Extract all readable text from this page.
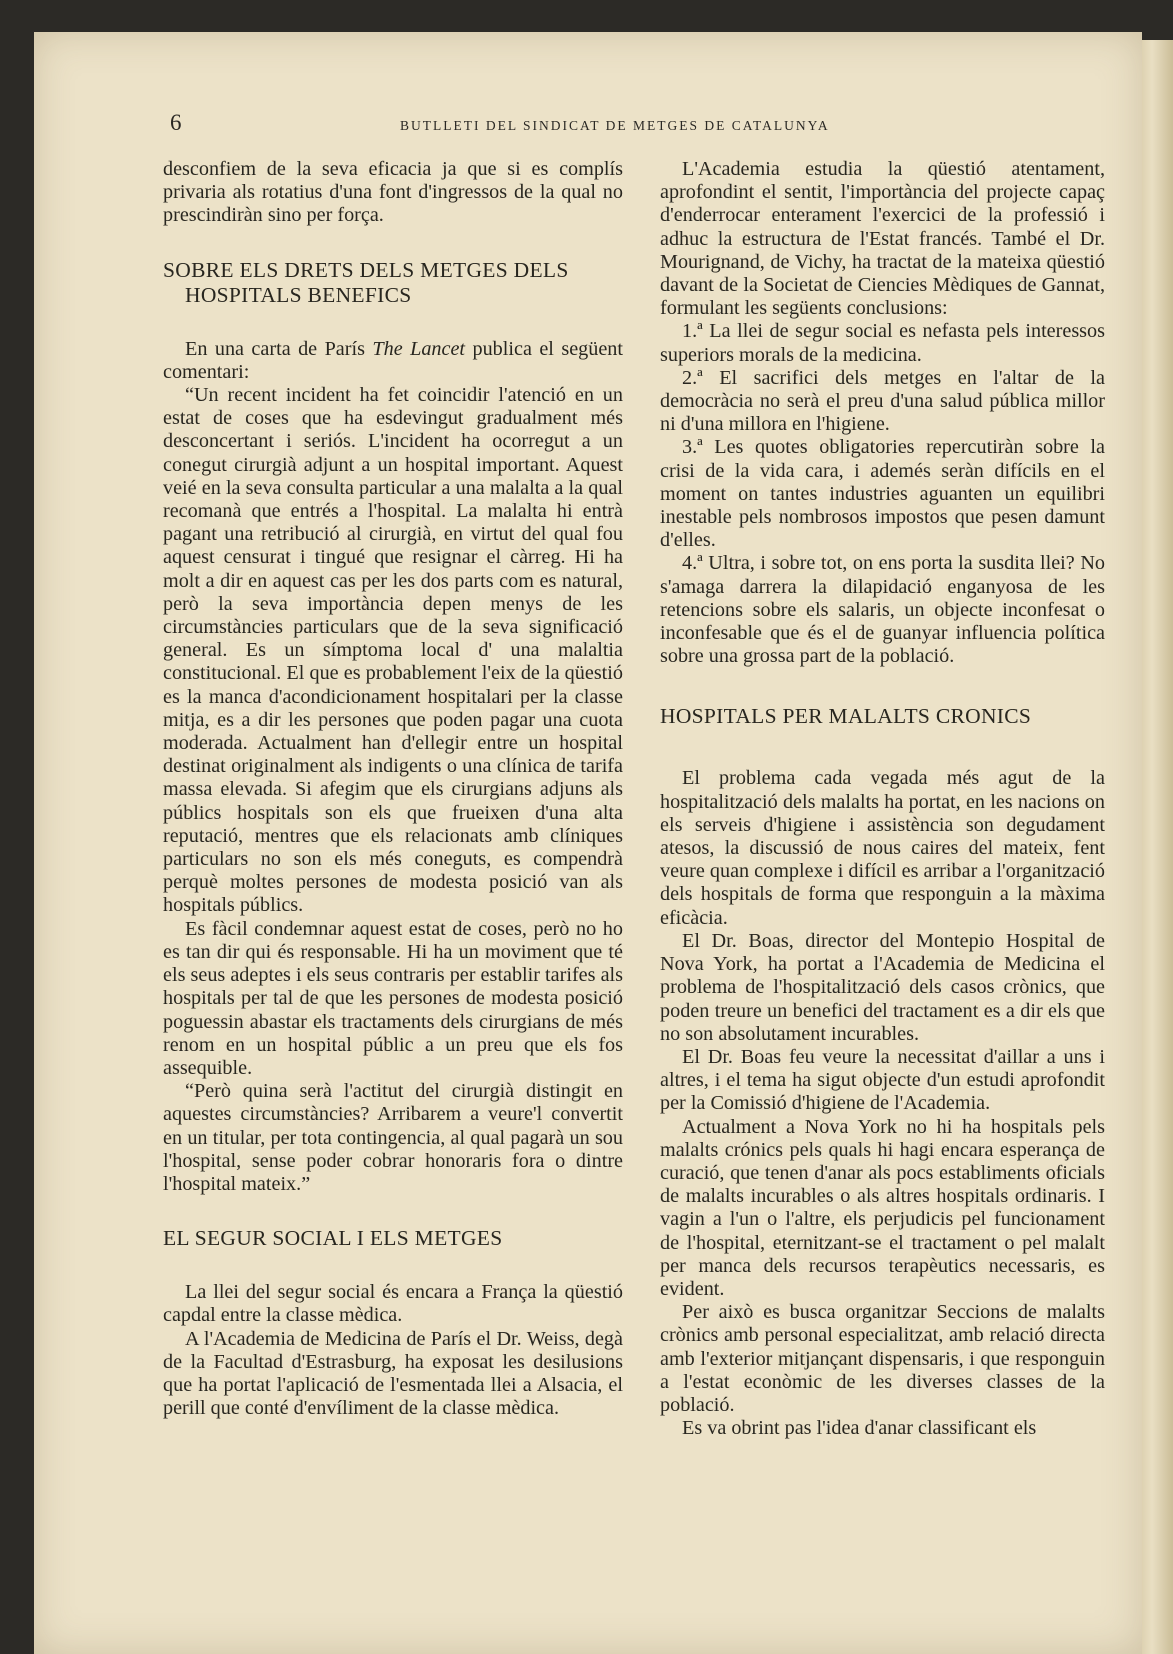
6	BUTLLETI DEL SINDICAT DE METGES DE CATALUNYA

desconfiem de la seva eficacia ja que si es complís privaria als rotatius d'una font d'ingressos de la qual no prescindiràn sino per força.

SOBRE ELS DRETS DELS METGES DELS
HOSPITALS BENEFICS

En una carta de París The Lancet publica el següent comentari:

“Un recent incident ha fet coincidir l'atenció en un estat de coses que ha esdevingut gradualment més desconcertant i seriós. L'incident ha ocorregut a un conegut cirurgià adjunt a un hospital important. Aquest veié en la seva consulta particular a una malalta a la qual recomanà que entrés a l'hospital. La malalta hi entrà pagant una retribució al cirurgià, en virtut del qual fou aquest censurat i tingué que resignar el càrreg. Hi ha molt a dir en aquest cas per les dos parts com es natural, però la seva importància depen menys de les circumstàncies particulars que de la seva significació general. Es un símptoma local d' una malaltia constitucional. El que es probablement l'eix de la qüestió es la manca d'acondicionament hospitalari per la classe mitja, es a dir les persones que poden pagar una cuota moderada. Actualment han d'ellegir entre un hospital destinat originalment als indigents o una clínica de tarifa massa elevada. Si afegim que els cirurgians adjuns als públics hospitals son els que frueixen d'una alta reputació, mentres que els relacionats amb clíniques particulars no son els més coneguts, es compendrà perquè moltes persones de modesta posició van als hospitals públics.

Es fàcil condemnar aquest estat de coses, però no ho es tan dir qui és responsable. Hi ha un moviment que té els seus adeptes i els seus contraris per establir tarifes als hospitals per tal de que les persones de modesta posició poguessin abastar els tractaments dels cirurgians de més renom en un hospital públic a un preu que els fos assequible.

“Però quina serà l'actitut del cirurgià distingit en aquestes circumstàncies? Arribarem a veure'l convertit en un titular, per tota contingencia, al qual pagarà un sou l'hospital, sense poder cobrar honoraris fora o dintre l'hospital mateix.”

EL SEGUR SOCIAL I ELS METGES

La llei del segur social és encara a França la qüestió capdal entre la classe mèdica.

A l'Academia de Medicina de París el Dr. Weiss, degà de la Facultad d'Estrasburg, ha exposat les desilusions que ha portat l'aplicació de l'esmentada llei a Alsacia, el perill que conté d'envíliment de la classe mèdica.

L'Academia estudia la qüestió atentament, aprofondint el sentit, l'importància del projecte capaç d'enderrocar enterament l'exercici de la professió i adhuc la estructura de l'Estat francés. També el Dr. Mourignand, de Vichy, ha tractat de la mateixa qüestió davant de la Societat de Ciencies Mèdiques de Gannat, formulant les següents conclusions:

1.ª La llei de segur social es nefasta pels interessos superiors morals de la medicina.

2.ª El sacrifici dels metges en l'altar de la democràcia no serà el preu d'una salud pública millor ni d'una millora en l'higiene.

3.ª Les quotes obligatories repercutiràn sobre la crisi de la vida cara, i ademés seràn difícils en el moment on tantes industries aguanten un equilibri inestable pels nombrosos impostos que pesen damunt d'elles.

4.ª Ultra, i sobre tot, on ens porta la susdita llei? No s'amaga darrera la dilapidació enganyosa de les retencions sobre els salaris, un objecte inconfesat o inconfesable que és el de guanyar influencia política sobre una grossa part de la població.

HOSPITALS PER MALALTS CRONICS

El problema cada vegada més agut de la hospitalització dels malalts ha portat, en les nacions on els serveis d'higiene i assistència son degudament atesos, la discussió de nous caires del mateix, fent veure quan complexe i difícil es arribar a l'organització dels hospitals de forma que responguin a la màxima eficàcia.

El Dr. Boas, director del Montepio Hospital de Nova York, ha portat a l'Academia de Medicina el problema de l'hospitalització dels casos crònics, que poden treure un benefici del tractament es a dir els que no son absolutament incurables.

El Dr. Boas feu veure la necessitat d'aillar a uns i altres, i el tema ha sigut objecte d'un estudi aprofondit per la Comissió d'higiene de l'Academia.

Actualment a Nova York no hi ha hospitals pels malalts crónics pels quals hi hagi encara esperança de curació, que tenen d'anar als pocs establiments oficials de malalts incurables o als altres hospitals ordinaris. I vagin a l'un o l'altre, els perjudicis pel funcionament de l'hospital, eternitzant-se el tractament o pel malalt per manca dels recursos terapèutics necessaris, es evident.

Per això es busca organitzar Seccions de malalts crònics amb personal especialitzat, amb relació directa amb l'exterior mitjançant dispensaris, i que responguin a l'estat econòmic de les diverses classes de la població.

Es va obrint pas l'idea d'anar classificant els
